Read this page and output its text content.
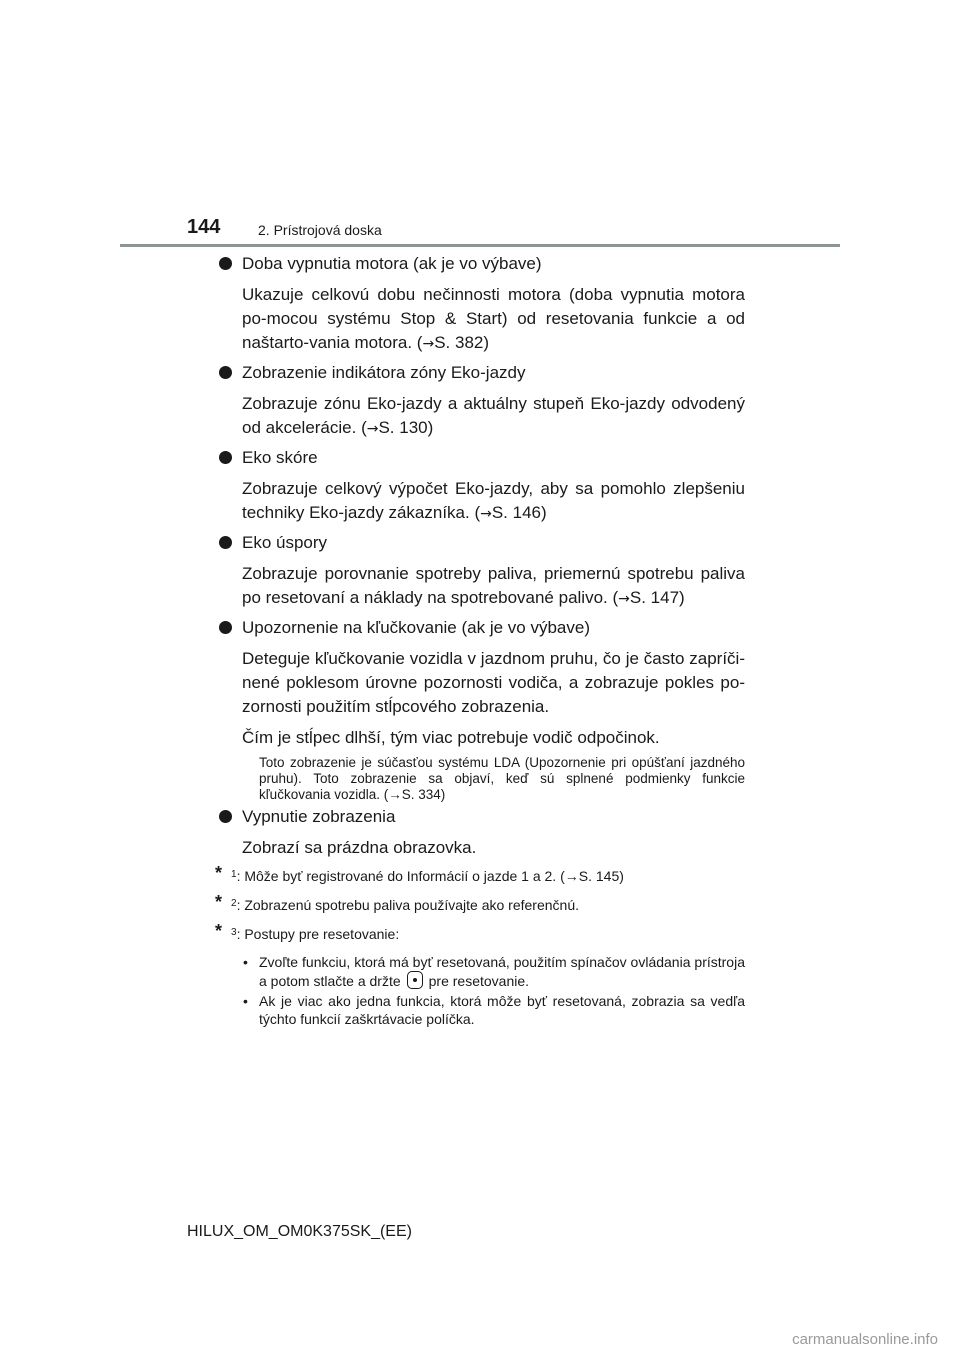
144	2. Prístrojová doska
Doba vypnutia motora (ak je vo výbave)
Ukazuje celkovú dobu nečinnosti motora (doba vypnutia motora po-mocou systému Stop & Start) od resetovania funkcie a od naštarto-vania motora. (→S. 382)
Zobrazenie indikátora zóny Eko-jazdy
Zobrazuje zónu Eko-jazdy a aktuálny stupeň Eko-jazdy odvodený od akcelerácie. (→S. 130)
Eko skóre
Zobrazuje celkový výpočet Eko-jazdy, aby sa pomohlo zlepšeniu techniky Eko-jazdy zákazníka. (→S. 146)
Eko úspory
Zobrazuje porovnanie spotreby paliva, priemernú spotrebu paliva po resetovaní a náklady na spotrebované palivo. (→S. 147)
Upozornenie na kľučkovanie (ak je vo výbave)
Deteguje kľučkovanie vozidla v jazdnom pruhu, čo je často zapríči-nené poklesom úrovne pozornosti vodiča, a zobrazuje pokles po-zornosti použitím stĺpcového zobrazenia.
Čím je stĺpec dlhší, tým viac potrebuje vodič odpočinok.
Toto zobrazenie je súčasťou systému LDA (Upozornenie pri opúšťaní jazdného pruhu). Toto zobrazenie sa objaví, keď sú splnené podmienky funkcie kľučkovania vozidla. (→S. 334)
Vypnutie zobrazenia
Zobrazí sa prázdna obrazovka.
* $^1$: Môže byť registrované do Informácií o jazde 1 a 2. (→S. 145)
* $^2$: Zobrazenú spotrebu paliva používajte ako referenčnú.
* $^3$: Postupy pre resetovanie:
• Zvoľte funkciu, ktorá má byť resetovaná, použitím spínačov ovládania prístroja a potom stlačte a držte pre resetovanie.
• Ak je viac ako jedna funkcia, ktorá môže byť resetovaná, zobrazia sa vedľa týchto funkcií zaškrtávacie políčka.
HILUX_OM_OM0K375SK_(EE)
carmanualsonline.info
